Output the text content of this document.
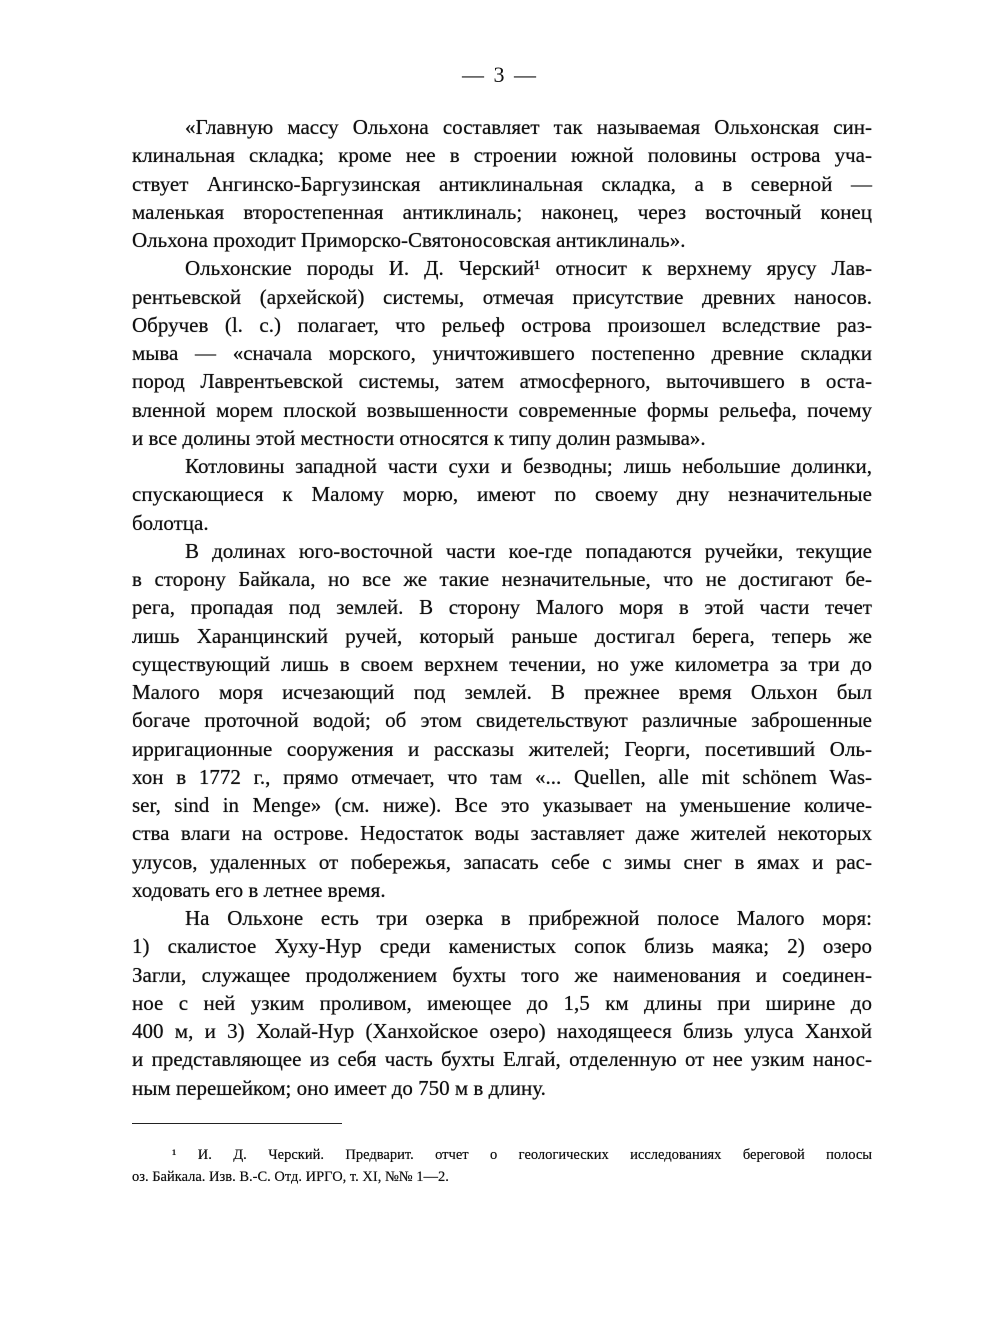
— 3 —
«Главную массу Ольхона составляет так называемая Ольхонская син-
клинальная складка; кроме нее в строении южной половины острова уча-
ствует Ангинско-Баргузинская антиклинальная складка, а в северной —
маленькая второстепенная антиклиналь; наконец, через восточный конец
Ольхона проходит Приморско-Святоносовская антиклиналь».
Ольхонские породы И. Д. Черский¹ относит к верхнему ярусу Лав-
рентьевской (архейской) системы, отмечая присутствие древних наносов.
Обручев (l. c.) полагает, что рельеф острова произошел вследствие раз-
мыва — «сначала морского, уничтожившего постепенно древние складки
пород Лаврентьевской системы, затем атмосферного, выточившего в оста-
вленной морем плоской возвышенности современные формы рельефа, почему
и все долины этой местности относятся к типу долин размыва».
Котловины западной части сухи и безводны; лишь небольшие долинки,
спускающиеся к Малому морю, имеют по своему дну незначительные
болотца.
В долинах юго-восточной части кое-где попадаются ручейки, текущие
в сторону Байкала, но все же такие незначительные, что не достигают бе-
рега, пропадая под землей. В сторону Малого моря в этой части течет
лишь Харанцинский ручей, который раньше достигал берега, теперь же
существующий лишь в своем верхнем течении, но уже километра за три до
Малого моря исчезающий под землей. В прежнее время Ольхон был
богаче проточной водой; об этом свидетельствуют различные заброшенные
ирригационные сооружения и рассказы жителей; Георги, посетивший Оль-
хон в 1772 г., прямо отмечает, что там «... Quellen, alle mit schönem Was-
ser, sind in Menge» (см. ниже). Все это указывает на уменьшение количе-
ства влаги на острове. Недостаток воды заставляет даже жителей некоторых
улусов, удаленных от побережья, запасать себе с зимы снег в ямах и рас-
ходовать его в летнее время.
На Ольхоне есть три озерка в прибрежной полосе Малого моря:
1) скалистое Хуху-Нур среди каменистых сопок близь маяка; 2) озеро
Загли, служащее продолжением бухты того же наименования и соединен-
ное с ней узким проливом, имеющее до 1,5 км длины при ширине до
400 м, и 3) Холай-Нур (Ханхойское озеро) находящееся близь улуса Ханхой
и представляющее из себя часть бухты Елгай, отделенную от нее узким нанос-
ным перешейком; оно имеет до 750 м в длину.
¹ И. Д. Черский. Предварит. отчет о геологических исследованиях береговой полосы
оз. Байкала. Изв. В.-С. Отд. ИРГО, т. XI, №№ 1—2.
